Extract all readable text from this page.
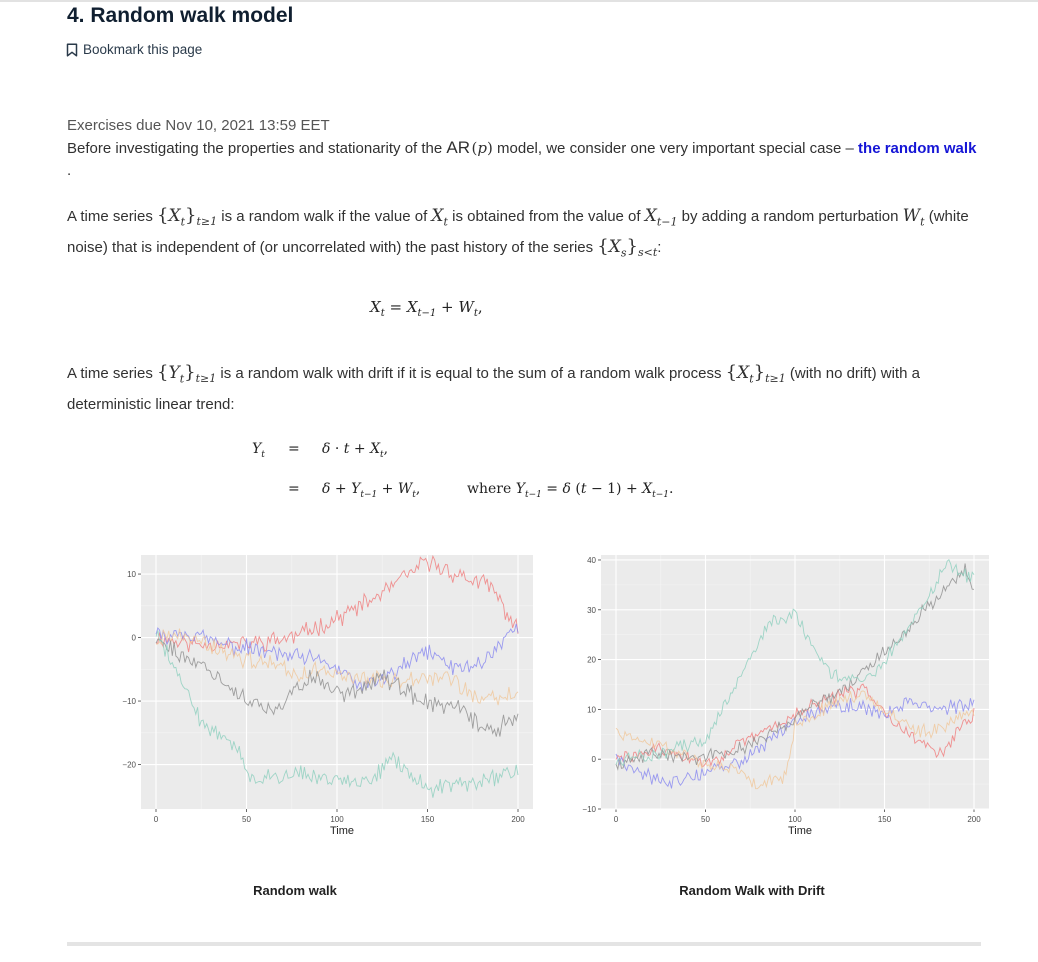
4. Random walk model
Bookmark this page
Exercises due Nov 10, 2021 13:59 EET
Before investigating the properties and stationarity of the AR (p) model, we consider one very important special case – the random walk .
A time series $\{X_t\}_{t\ge 1}$ is a random walk if the value of $X_t$ is obtained from the value of $X_{t-1}$ by adding a random perturbation $W_t$ (white noise) that is independent of (or uncorrelated with) the past history of the series $\{X_s\}_{s<t}$:
$X_t = X_{t-1} + W_t$,
A time series $\{Y_t\}_{t\ge 1}$ is a random walk with drift if it is equal to the sum of a random walk process $\{X_t\}_{t\ge 1}$ (with no drift) with a deterministic linear trend:
$Y_t = \delta \cdot t + X_t$,
= $\delta + Y_{t-1} + W_t$,	where $Y_{t-1} = \delta$ $(t - 1) + X_{t-1}$.
0	50	100	150	200
−20
−10
0
10
Time
0	50	100	150	200
−10
0
10
20
30
40
Time
Random walk	Random Walk with Drift
